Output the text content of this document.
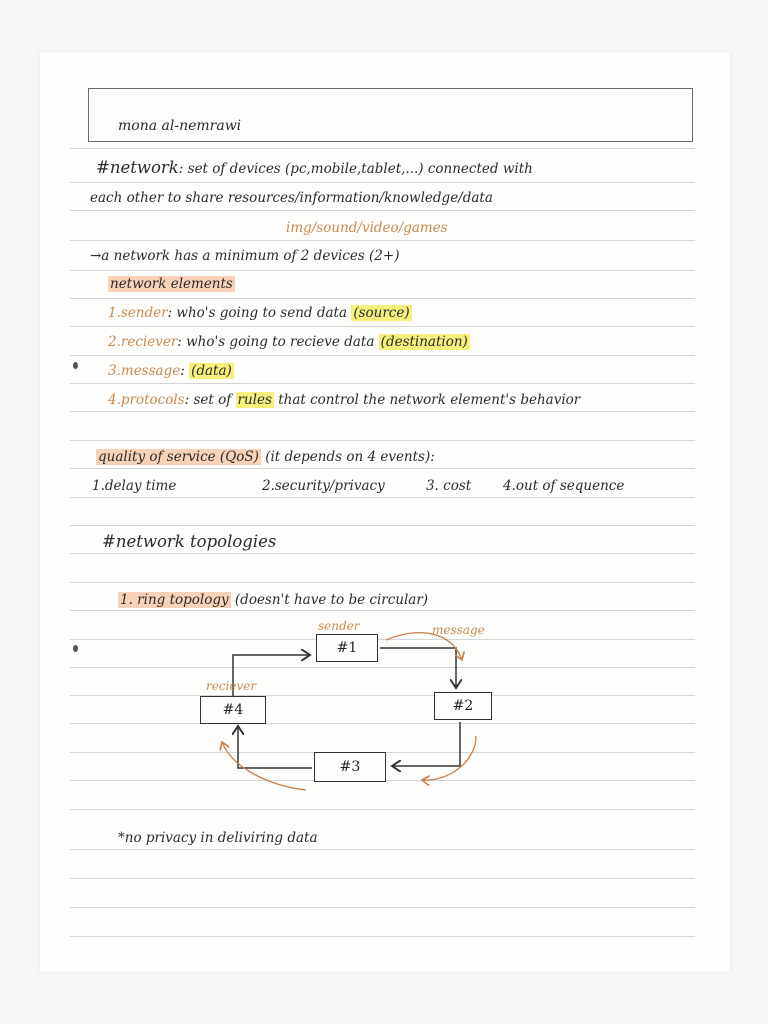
mona al-nemrawi
#network: set of devices (pc,mobile,tablet,...) connected with
each other to share resources/information/knowledge/data
img/sound/video/games
→a network has a minimum of 2 devices (2+)
network elements
1.sender: who's going to send data (source)
2.reciever: who's going to recieve data (destination)
3.message: (data)
4.protocols: set of rules that control the network element's behavior
quality of service (QoS) (it depends on 4 events):
1.delay time	2.security/privacy	3. cost 4.out of sequence
#network topologies
1. ring topology (doesn't have to be circular)
#1
#2
#3
#4
sender	message
reciever
*no privacy in deliviring data
